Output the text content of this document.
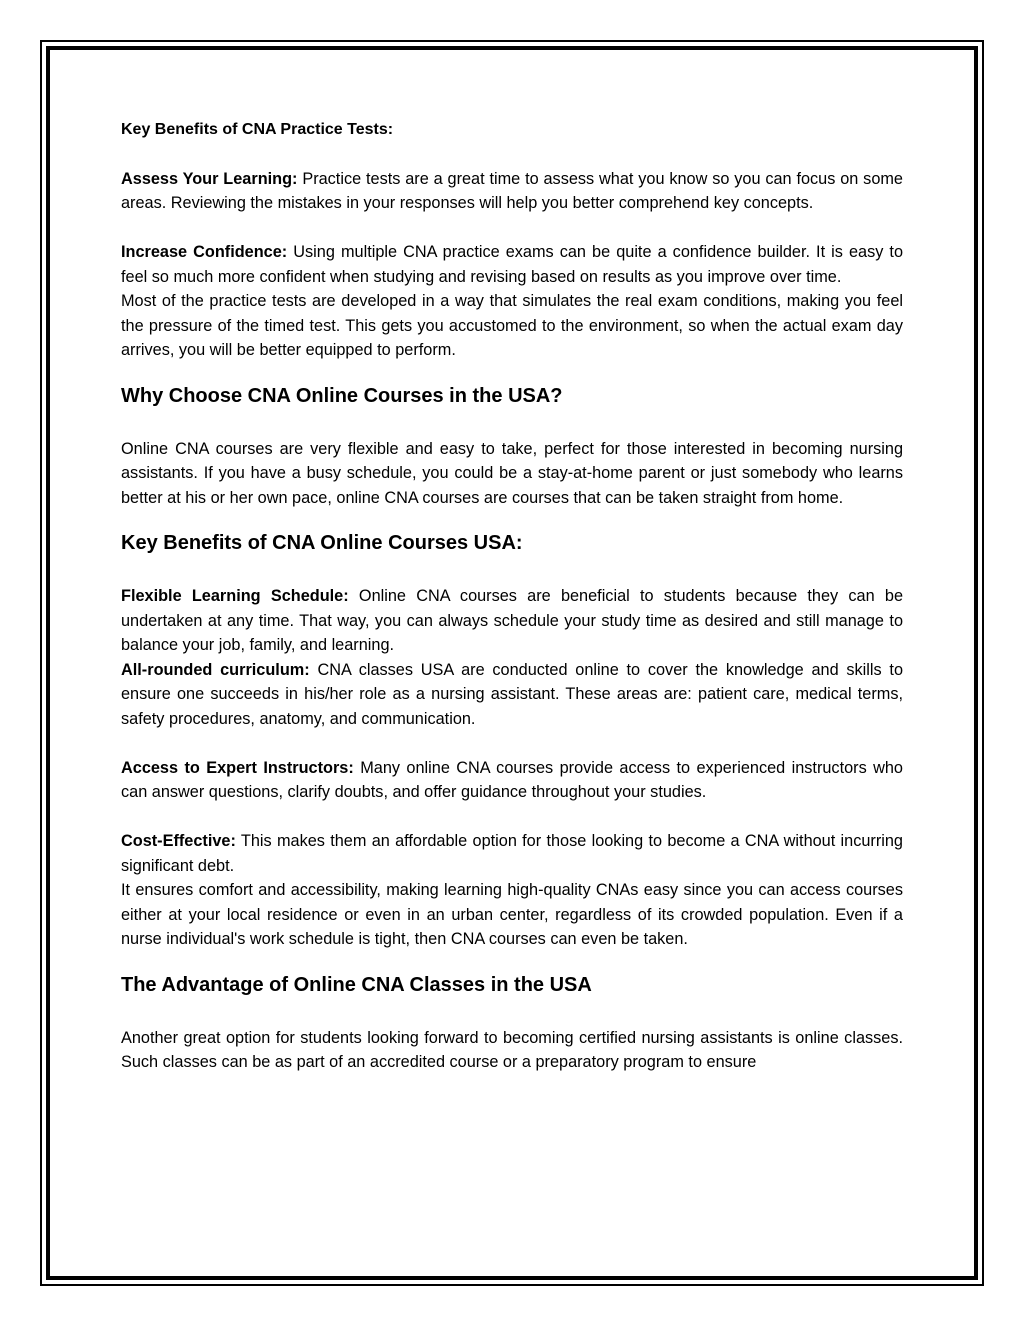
Key Benefits of CNA Practice Tests:

Assess Your Learning: Practice tests are a great time to assess what you know so you can focus on some areas. Reviewing the mistakes in your responses will help you better comprehend key concepts.

Increase Confidence: Using multiple CNA practice exams can be quite a confidence builder. It is easy to feel so much more confident when studying and revising based on results as you improve over time.

Most of the practice tests are developed in a way that simulates the real exam conditions, making you feel the pressure of the timed test. This gets you accustomed to the environment, so when the actual exam day arrives, you will be better equipped to perform.

Why Choose CNA Online Courses in the USA?

Online CNA courses are very flexible and easy to take, perfect for those interested in becoming nursing assistants. If you have a busy schedule, you could be a stay-at-home parent or just somebody who learns better at his or her own pace, online CNA courses are courses that can be taken straight from home.

Key Benefits of CNA Online Courses USA:

Flexible Learning Schedule: Online CNA courses are beneficial to students because they can be undertaken at any time. That way, you can always schedule your study time as desired and still manage to balance your job, family, and learning.

All-rounded curriculum: CNA classes USA are conducted online to cover the knowledge and skills to ensure one succeeds in his/her role as a nursing assistant. These areas are: patient care, medical terms, safety procedures, anatomy, and communication.

Access to Expert Instructors: Many online CNA courses provide access to experienced instructors who can answer questions, clarify doubts, and offer guidance throughout your studies.

Cost-Effective: This makes them an affordable option for those looking to become a CNA without incurring significant debt.

It ensures comfort and accessibility, making learning high-quality CNAs easy since you can access courses either at your local residence or even in an urban center, regardless of its crowded population. Even if a nurse individual's work schedule is tight, then CNA courses can even be taken.

The Advantage of Online CNA Classes in the USA

Another great option for students looking forward to becoming certified nursing assistants is online classes. Such classes can be as part of an accredited course or a preparatory program to ensure
